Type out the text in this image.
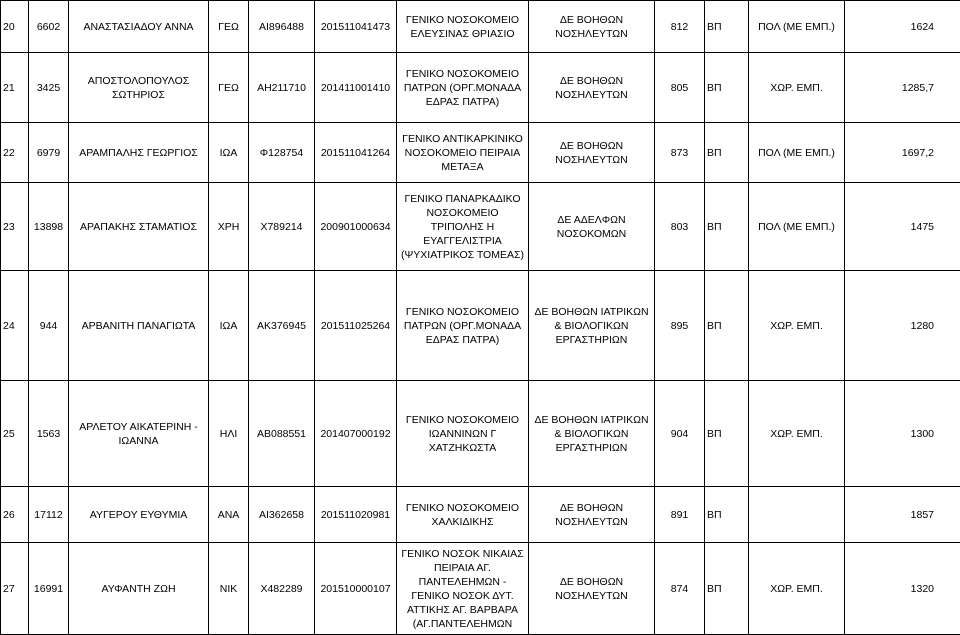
20	6602	ΑΝΑΣΤΑΣΙΑΔΟΥ ΑΝΝΑ	ΓΕΩ	ΑΙ896488	201511041473	ΓΕΝΙΚΟ ΝΟΣΟΚΟΜΕΙΟ ΕΛΕΥΣΙΝΑΣ ΘΡΙΑΣΙΟ	ΔΕ ΒΟΗΘΩΝ ΝΟΣΗΛΕΥΤΩΝ	812	ΒΠ	ΠΟΛ (ΜΕ ΕΜΠ.)	1624
21	3425	ΑΠΟΣΤΟΛΟΠΟΥΛΟΣ ΣΩΤΗΡΙΟΣ	ΓΕΩ	ΑΗ211710	201411001410	ΓΕΝΙΚΟ ΝΟΣΟΚΟΜΕΙΟ ΠΑΤΡΩΝ (ΟΡΓ.ΜΟΝΑΔΑ ΕΔΡΑΣ ΠΑΤΡΑ)	ΔΕ ΒΟΗΘΩΝ ΝΟΣΗΛΕΥΤΩΝ	805	ΒΠ	ΧΩΡ. ΕΜΠ.	1285,7
22	6979	ΑΡΑΜΠΑΛΗΣ ΓΕΩΡΓΙΟΣ	ΙΩΑ	Φ128754	201511041264	ΓΕΝΙΚΟ ΑΝΤΙΚΑΡΚΙΝΙΚΟ ΝΟΣΟΚΟΜΕΙΟ ΠΕΙΡΑΙΑ ΜΕΤΑΞΑ	ΔΕ ΒΟΗΘΩΝ ΝΟΣΗΛΕΥΤΩΝ	873	ΒΠ	ΠΟΛ (ΜΕ ΕΜΠ.)	1697,2
23	13898	ΑΡΑΠΑΚΗΣ ΣΤΑΜΑΤΙΟΣ	ΧΡΗ	Χ789214	200901000634	ΓΕΝΙΚΟ ΠΑΝΑΡΚΑΔΙΚΟ ΝΟΣΟΚΟΜΕΙΟ ΤΡΙΠΟΛΗΣ Η ΕΥΑΓΓΕΛΙΣΤΡΙΑ (ΨΥΧΙΑΤΡΙΚΟΣ ΤΟΜΕΑΣ)	ΔΕ ΑΔΕΛΦΩΝ ΝΟΣΟΚΟΜΩΝ	803	ΒΠ	ΠΟΛ (ΜΕ ΕΜΠ.)	1475
24	944	ΑΡΒΑΝΙΤΗ ΠΑΝΑΓΙΩΤΑ	ΙΩΑ	ΑΚ376945	201511025264	ΓΕΝΙΚΟ ΝΟΣΟΚΟΜΕΙΟ ΠΑΤΡΩΝ (ΟΡΓ.ΜΟΝΑΔΑ ΕΔΡΑΣ ΠΑΤΡΑ)	ΔΕ ΒΟΗΘΩΝ ΙΑΤΡΙΚΩΝ & ΒΙΟΛΟΓΙΚΩΝ ΕΡΓΑΣΤΗΡΙΩΝ	895	ΒΠ	ΧΩΡ. ΕΜΠ.	1280
25	1563	ΑΡΛΕΤΟΥ ΑΙΚΑΤΕΡΙΝΗ - ΙΩΑΝΝΑ	ΗΛΙ	ΑΒ088551	201407000192	ΓΕΝΙΚΟ ΝΟΣΟΚΟΜΕΙΟ ΙΩΑΝΝΙΝΩΝ Γ ΧΑΤΖΗΚΩΣΤΑ	ΔΕ ΒΟΗΘΩΝ ΙΑΤΡΙΚΩΝ & ΒΙΟΛΟΓΙΚΩΝ ΕΡΓΑΣΤΗΡΙΩΝ	904	ΒΠ	ΧΩΡ. ΕΜΠ.	1300
26	17112	ΑΥΓΕΡΟΥ ΕΥΘΥΜΙΑ	ΑΝΑ	ΑΙ362658	201511020981	ΓΕΝΙΚΟ ΝΟΣΟΚΟΜΕΙΟ ΧΑΛΚΙΔΙΚΗΣ	ΔΕ ΒΟΗΘΩΝ ΝΟΣΗΛΕΥΤΩΝ	891	ΒΠ		1857
27	16991	ΑΥΦΑΝΤΗ ΖΩΗ	ΝΙΚ	Χ482289	201510000107	ΓΕΝΙΚΟ ΝΟΣΟΚ ΝΙΚΑΙΑΣ ΠΕΙΡΑΙΑ ΑΓ. ΠΑΝΤΕΛΕΗΜΩΝ - ΓΕΝΙΚΟ ΝΟΣΟΚ ΔΥΤ. ΑΤΤΙΚΗΣ ΑΓ. ΒΑΡΒΑΡΑ (ΑΓ.ΠΑΝΤΕΛΕΗΜΩΝ	ΔΕ ΒΟΗΘΩΝ ΝΟΣΗΛΕΥΤΩΝ	874	ΒΠ	ΧΩΡ. ΕΜΠ.	1320
